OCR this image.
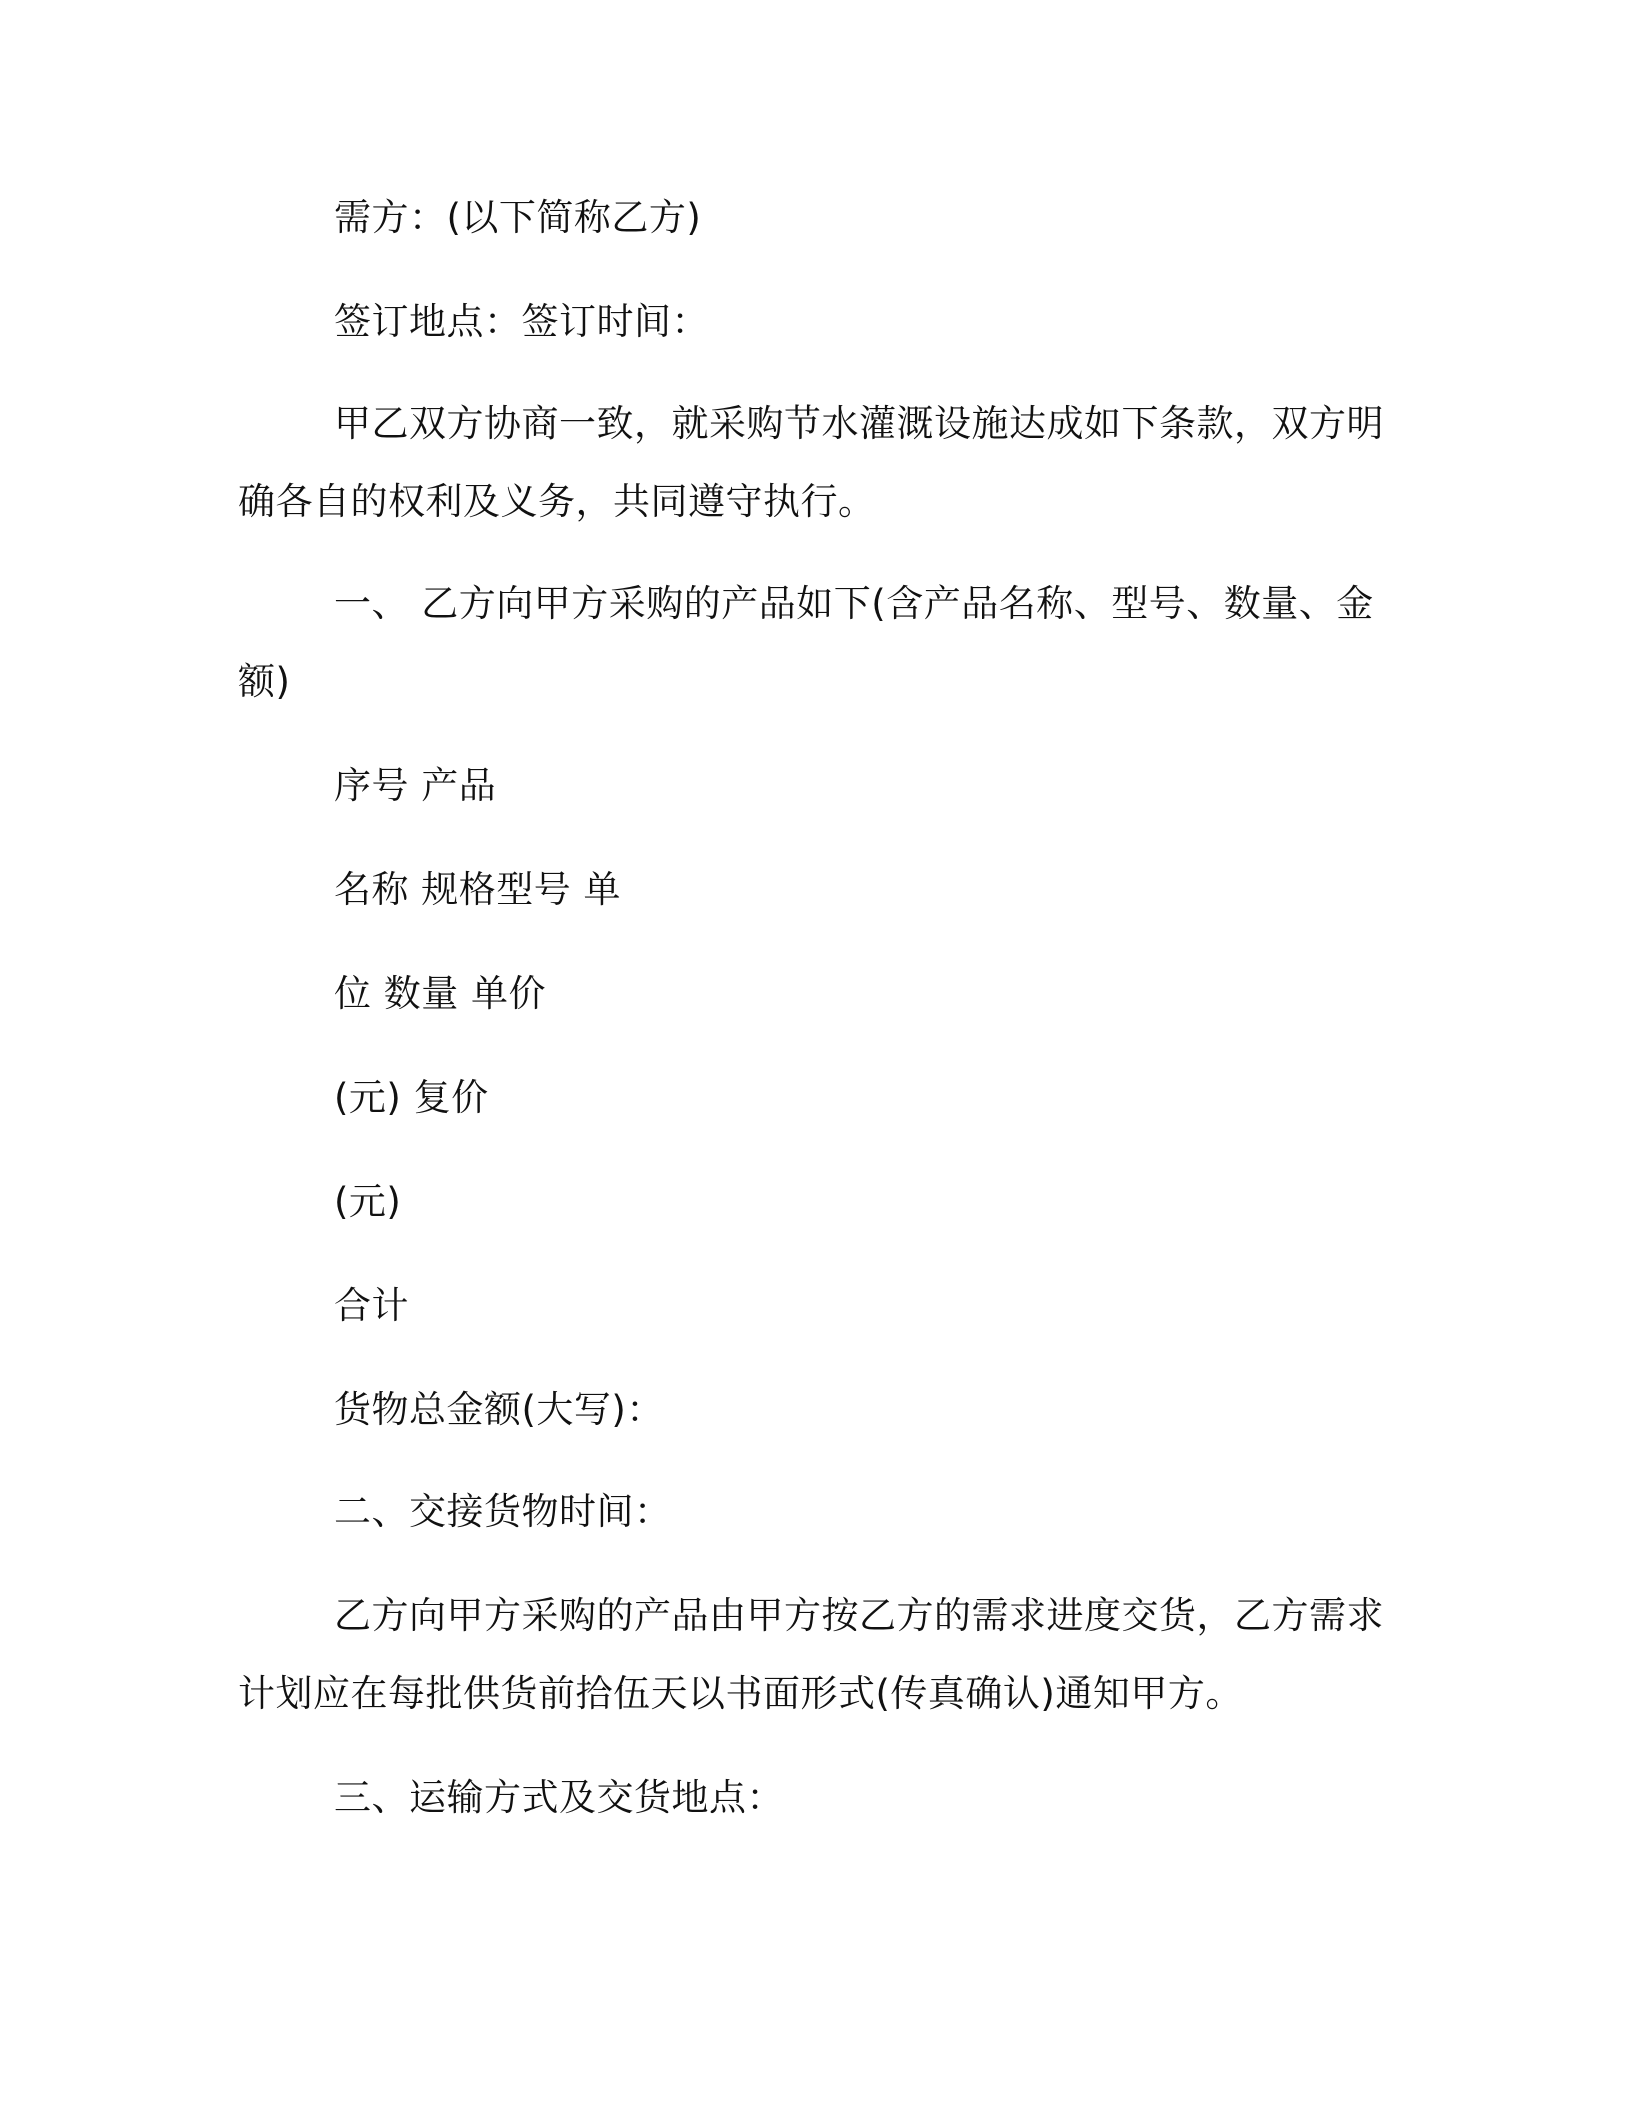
需方：(以下简称乙方)
签订地点：签订时间：
甲乙双方协商一致，就采购节水灌溉设施达成如下条款，双方明
确各自的权利及义务，共同遵守执行。
一、 乙方向甲方采购的产品如下(含产品名称、型号、数量、金
额)
序号 产品
名称 规格型号 单
位 数量 单价
(元) 复价
(元)
合计
货物总金额(大写)：
二、交接货物时间：
乙方向甲方采购的产品由甲方按乙方的需求进度交货，乙方需求
计划应在每批供货前拾伍天以书面形式(传真确认)通知甲方。
三、运输方式及交货地点：
